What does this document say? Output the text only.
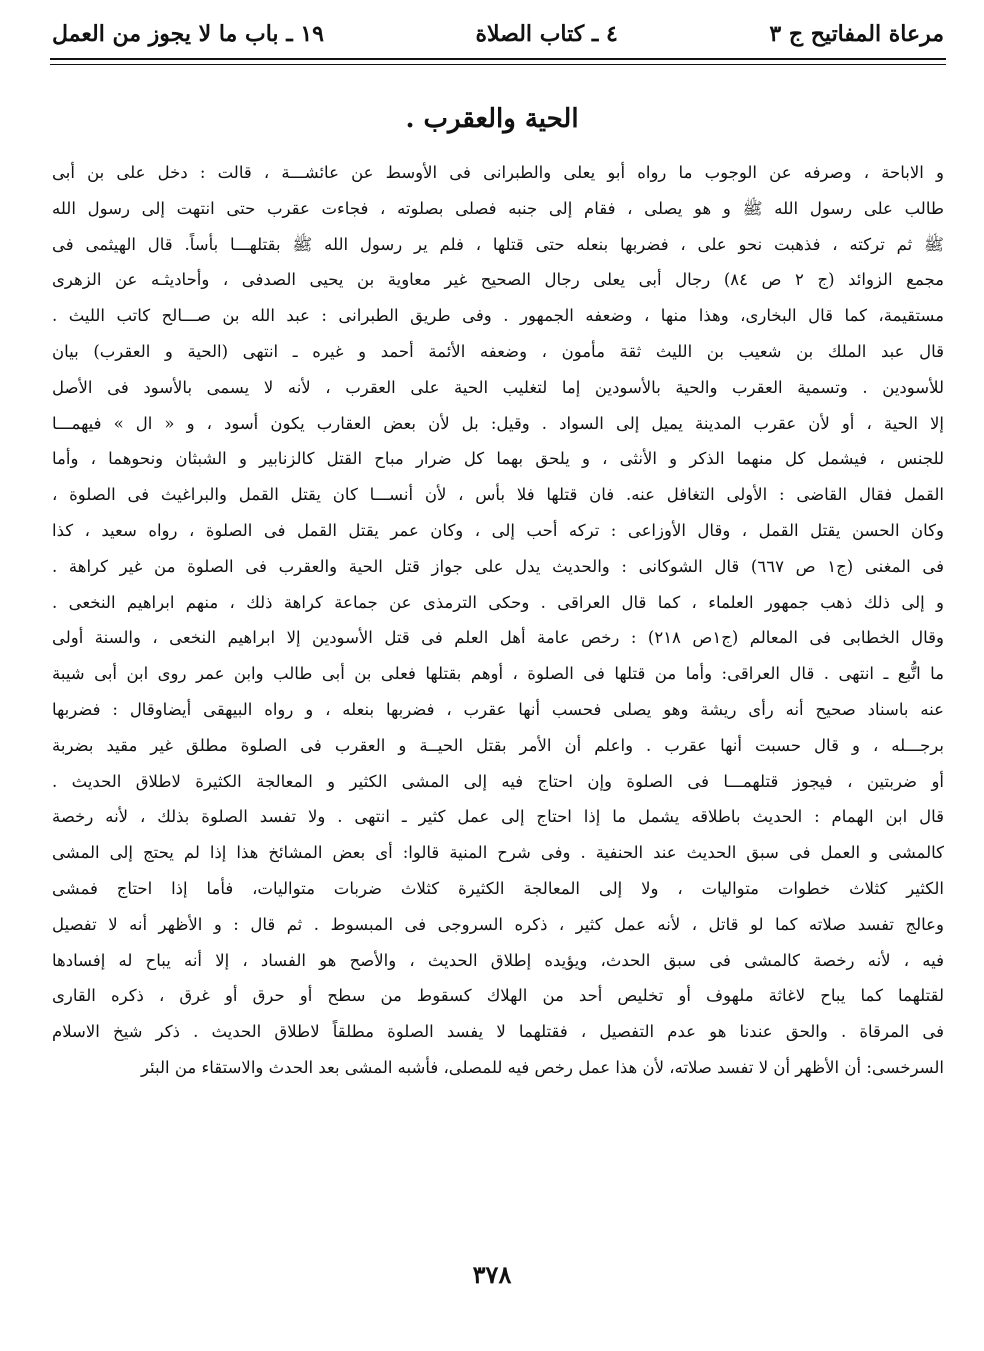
مرعاة المفاتيح ج ٣
٤ ـ كتاب الصلاة
١٩ ـ باب ما لا يجوز من العمل
الحية والعقرب .
و الاباحة ، وصرفه عن الوجوب ما رواه أبو يعلى والطبرانى فى الأوسط عن عائشـــة ، قالت : دخل على بن أبى
طالب على رسول الله ﷺ و هو يصلى ، فقام إلى جنبه فصلى بصلوته ، فجاءت عقرب حتى انتهت إلى رسول الله
ﷺ ثم تركته ، فذهبت نحو على ، فضربها بنعله حتى قتلها ، فلم ير رسول الله ﷺ بقتلهـــا بأساً. قال الهيثمى فى
مجمع الزوائد (ج ٢ ص ٨٤) رجال أبى يعلى رجال الصحيح غير معاوية بن يحيى الصدفى ، وأحاديثـه عن الزهرى
مستقيمة، كما قال البخارى، وهذا منها ، وضعفه الجمهور . وفى طريق الطبرانى : عبد الله بن صـــالح كاتب الليث .
قال عبد الملك بن شعيب بن الليث ثقة مأمون ، وضعفه الأئمة أحمد و غيره ـ انتهى (الحية و العقرب) بيان
للأسودين . وتسمية العقرب والحية بالأسودين إما لتغليب الحية على العقرب ، لأنه لا يسمى بالأسود فى الأصل
إلا الحية ، أو لأن عقرب المدينة يميل إلى السواد . وقيل: بل لأن بعض العقارب يكون أسود ، و « ال » فيهمـــا
للجنس ، فيشمل كل منهما الذكر و الأنثى ، و يلحق بهما كل ضرار مباح القتل كالزنابير و الشبثان ونحوهما ، وأما
القمل فقال القاضى : الأولى التغافل عنه. فان قتلها فلا بأس ، لأن أنســـا كان يقتل القمل والبراغيث فى الصلوة ،
وكان الحسن يقتل القمل ، وقال الأوزاعى : تركه أحب إلى ، وكان عمر يقتل القمل فى الصلوة ، رواه سعيد ، كذا
فى المغنى (ج١ ص ٦٦٧) قال الشوكانى : والحديث يدل على جواز قتل الحية والعقرب فى الصلوة من غير كراهة .
و إلى ذلك ذهب جمهور العلماء ، كما قال العراقى . وحكى الترمذى عن جماعة كراهة ذلك ، منهم ابراهيم النخعى .
وقال الخطابى فى المعالم (ج١ص ٢١٨) : رخص عامة أهل العلم فى قتل الأسودين إلا ابراهيم النخعى ، والسنة أولى
ما اتُّبع ـ انتهى . قال العراقى: وأما من قتلها فى الصلوة ، أوهم بقتلها فعلى بن أبى طالب وابن عمر روى ابن أبى شيبة
عنه باسناد صحيح أنه رأى ريشة وهو يصلى فحسب أنها عقرب ، فضربها بنعله ، و رواه البيهقى أيضاوقال : فضربها
برجـــله ، و قال حسبت أنها عقرب . واعلم أن الأمر بقتل الحيــة و العقرب فى الصلوة مطلق غير مقيد بضربة
أو ضربتين ، فيجوز قتلهمـــا فى الصلوة وإن احتاج فيه إلى المشى الكثير و المعالجة الكثيرة لاطلاق الحديث .
قال ابن الهمام : الحديث باطلاقه يشمل ما إذا احتاج إلى عمل كثير ـ انتهى . ولا تفسد الصلوة بذلك ، لأنه رخصة
كالمشى و العمل فى سبق الحديث عند الحنفية . وفى شرح المنية قالوا: أى بعض المشائخ هذا إذا لم يحتج إلى المشى
الكثير كثلاث خطوات متواليات ، ولا إلى المعالجة الكثيرة كثلاث ضربات متواليات، فأما إذا احتاج فمشى
وعالج تفسد صلاته كما لو قاتل ، لأنه عمل كثير ، ذكره السروجى فى المبسوط . ثم قال : و الأظهر أنه لا تفصيل
فيه ، لأنه رخصة كالمشى فى سبق الحدث، ويؤيده إطلاق الحديث ، والأصح هو الفساد ، إلا أنه يباح له إفسادها
لقتلهما كما يباح لاغاثة ملهوف أو تخليص أحد من الهلاك كسقوط من سطح أو حرق أو غرق ، ذكره القارى
فى المرقاة . والحق عندنا هو عدم التفصيل ، فقتلهما لا يفسد الصلوة مطلقاً لاطلاق الحديث . ذكر شيخ الاسلام
السرخسى: أن الأظهر أن لا تفسد صلاته، لأن هذا عمل رخص فيه للمصلى، فأشبه المشى بعد الحدث والاستقاء من البئر
٣٧٨
